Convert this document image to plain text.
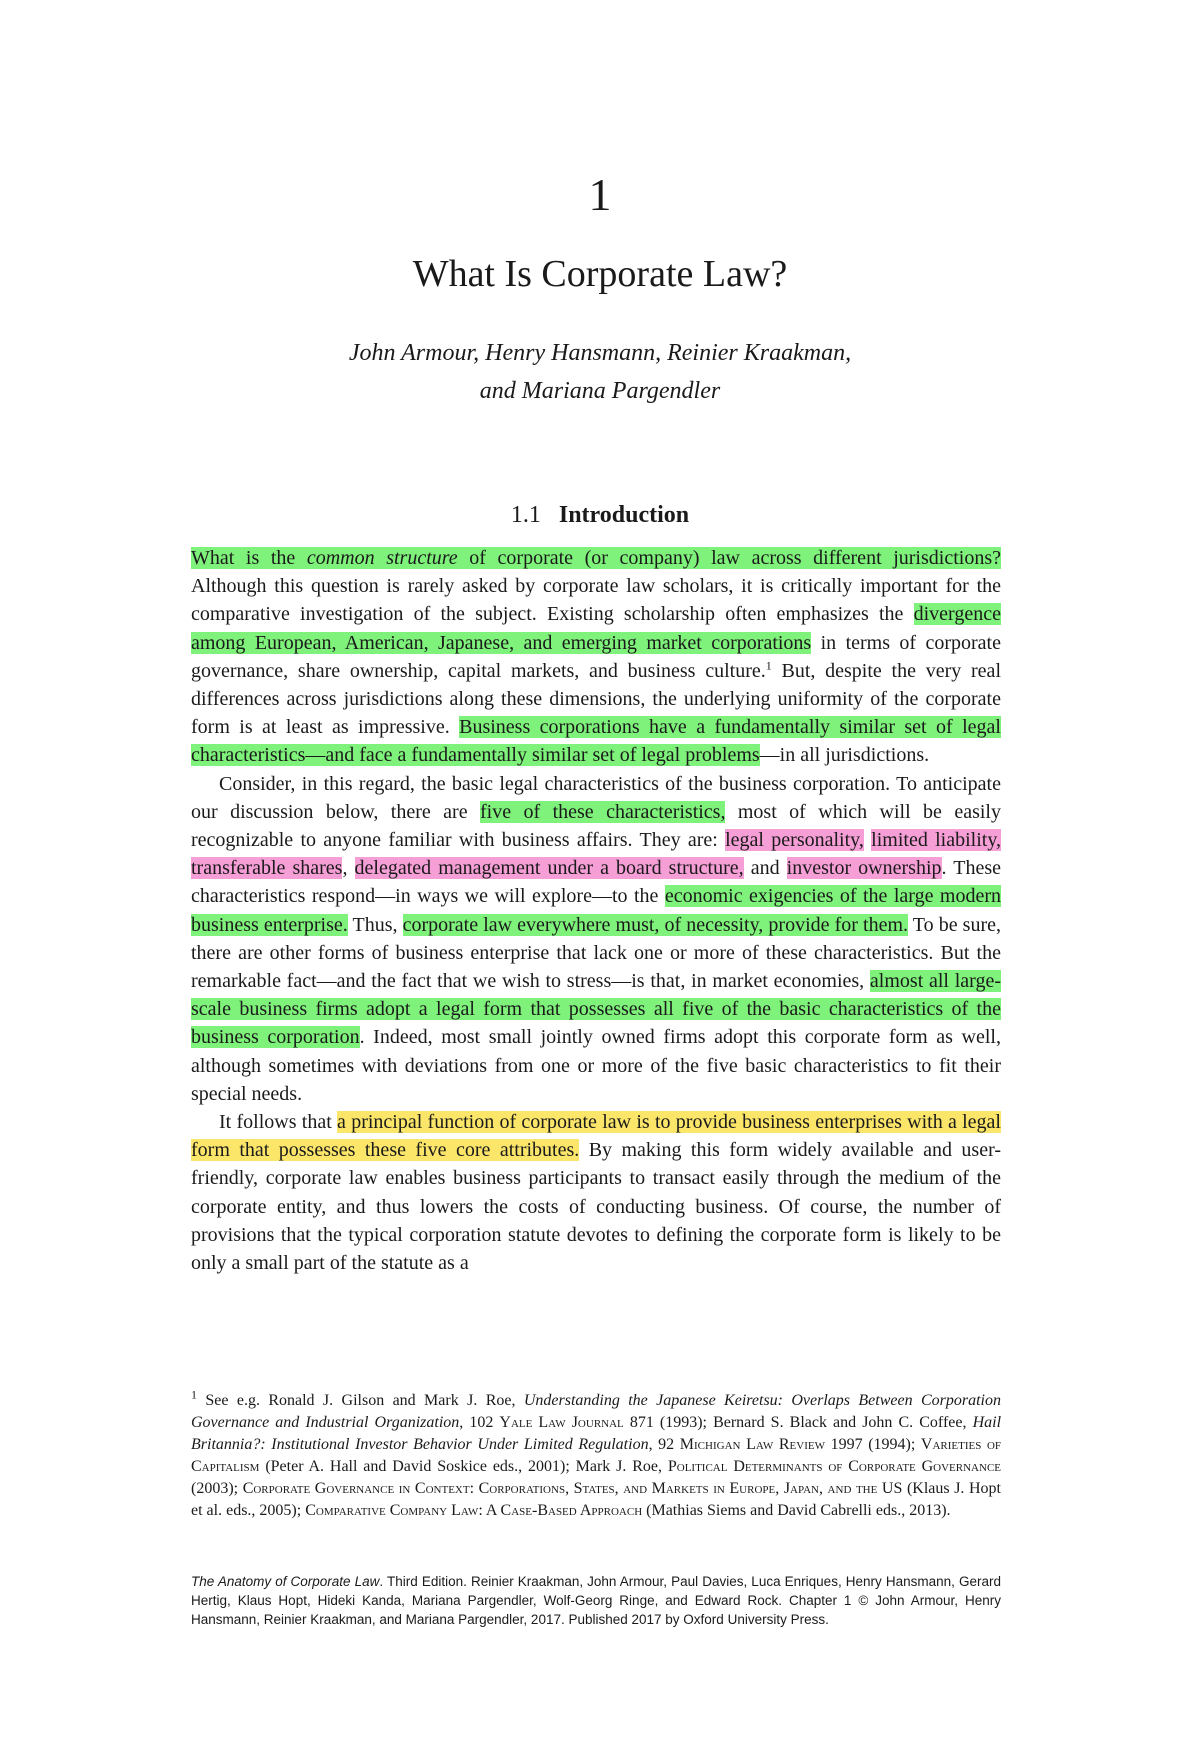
1
What Is Corporate Law?
John Armour, Henry Hansmann, Reinier Kraakman,
and Mariana Pargendler
1.1 Introduction

What is the common structure of corporate (or company) law across different jurisdictions? Although this question is rarely asked by corporate law scholars, it is critically important for the comparative investigation of the subject. Existing scholarship often emphasizes the divergence among European, American, Japanese, and emerging market corporations in terms of corporate governance, share ownership, capital markets, and business culture.$^1$ But, despite the very real differences across jurisdictions along these dimensions, the underlying uniformity of the corporate form is at least as impressive. Business corporations have a fundamentally similar set of legal characteristics—and face a fundamentally similar set of legal problems—in all jurisdictions.

Consider, in this regard, the basic legal characteristics of the business corporation. To anticipate our discussion below, there are five of these characteristics, most of which will be easily recognizable to anyone familiar with business affairs. They are: legal personality, limited liability, transferable shares, delegated management under a board structure, and investor ownership. These characteristics respond—in ways we will explore—to the economic exigencies of the large modern business enterprise. Thus, corporate law everywhere must, of necessity, provide for them. To be sure, there are other forms of business enterprise that lack one or more of these characteristics. But the remarkable fact—and the fact that we wish to stress—is that, in market economies, almost all large-scale business firms adopt a legal form that possesses all five of the basic characteristics of the business corporation. Indeed, most small jointly owned firms adopt this corporate form as well, although sometimes with deviations from one or more of the five basic characteristics to fit their special needs.

It follows that a principal function of corporate law is to provide business enterprises with a legal form that possesses these five core attributes. By making this form widely available and user-friendly, corporate law enables business participants to transact easily through the medium of the corporate entity, and thus lowers the costs of conducting business. Of course, the number of provisions that the typical corporation statute devotes to defining the corporate form is likely to be only a small part of the statute as a

$^1$ See e.g. Ronald J. Gilson and Mark J. Roe, Understanding the Japanese Keiretsu: Overlaps Between Corporation Governance and Industrial Organization, 102 Yale Law Journal 871 (1993); Bernard S. Black and John C. Coffee, Hail Britannia?: Institutional Investor Behavior Under Limited Regulation, 92 Michigan Law Review 1997 (1994); Varieties of Capitalism (Peter A. Hall and David Soskice eds., 2001); Mark J. Roe, Political Determinants of Corporate Governance (2003); Corporate Governance in Context: Corporations, States, and Markets in Europe, Japan, and the US (Klaus J. Hopt et al. eds., 2005); Comparative Company Law: A Case-Based Approach (Mathias Siems and David Cabrelli eds., 2013).
The Anatomy of Corporate Law. Third Edition. Reinier Kraakman, John Armour, Paul Davies, Luca Enriques, Henry Hansmann, Gerard Hertig, Klaus Hopt, Hideki Kanda, Mariana Pargendler, Wolf-Georg Ringe, and Edward Rock. Chapter 1 © John Armour, Henry Hansmann, Reinier Kraakman, and Mariana Pargendler, 2017. Published 2017 by Oxford University Press.
